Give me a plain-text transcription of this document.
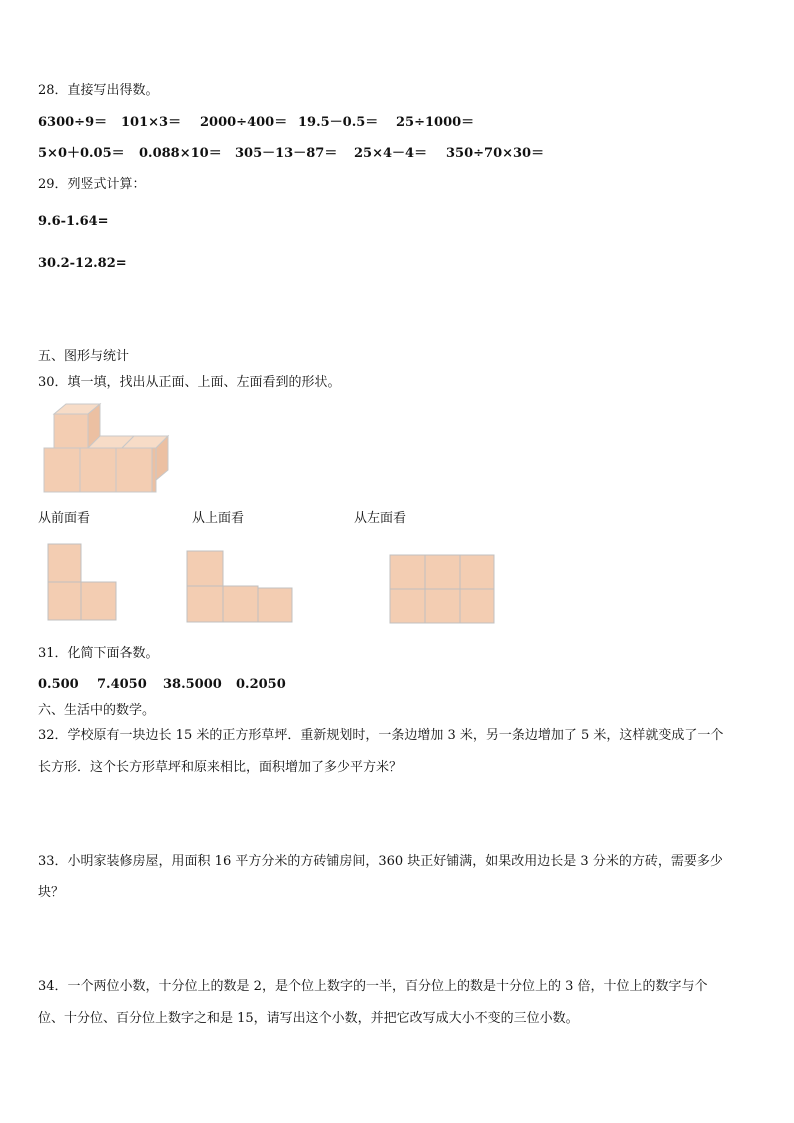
28．直接写出得数。
6300÷9＝ 101×3＝ 2000÷400＝ 19.5－0.5＝ 25÷1000＝
5×0＋0.05＝ 0.088×10＝ 305－13－87＝ 25×4－4＝ 350÷70×30＝
29．列竖式计算：
9.6-1.64=
30.2-12.82=
五、图形与统计
30．填一填，找出从正面、上面、左面看到的形状。
从前面看	从上面看	从左面看
31．化简下面各数。
0.500 7.4050 38.5000 0.2050
六、生活中的数学。
32．学校原有一块边长 15 米的正方形草坪．重新规划时，一条边增加 3 米，另一条边增加了 5 米，这样就变成了一个
长方形．这个长方形草坪和原来相比，面积增加了多少平方米？
33．小明家装修房屋，用面积 16 平方分米的方砖铺房间，360 块正好铺满，如果改用边长是 3 分米的方砖，需要多少
块？
34．一个两位小数，十分位上的数是 2，是个位上数字的一半，百分位上的数是十分位上的 3 倍，十位上的数字与个
位、十分位、百分位上数字之和是 15，请写出这个小数，并把它改写成大小不变的三位小数。
